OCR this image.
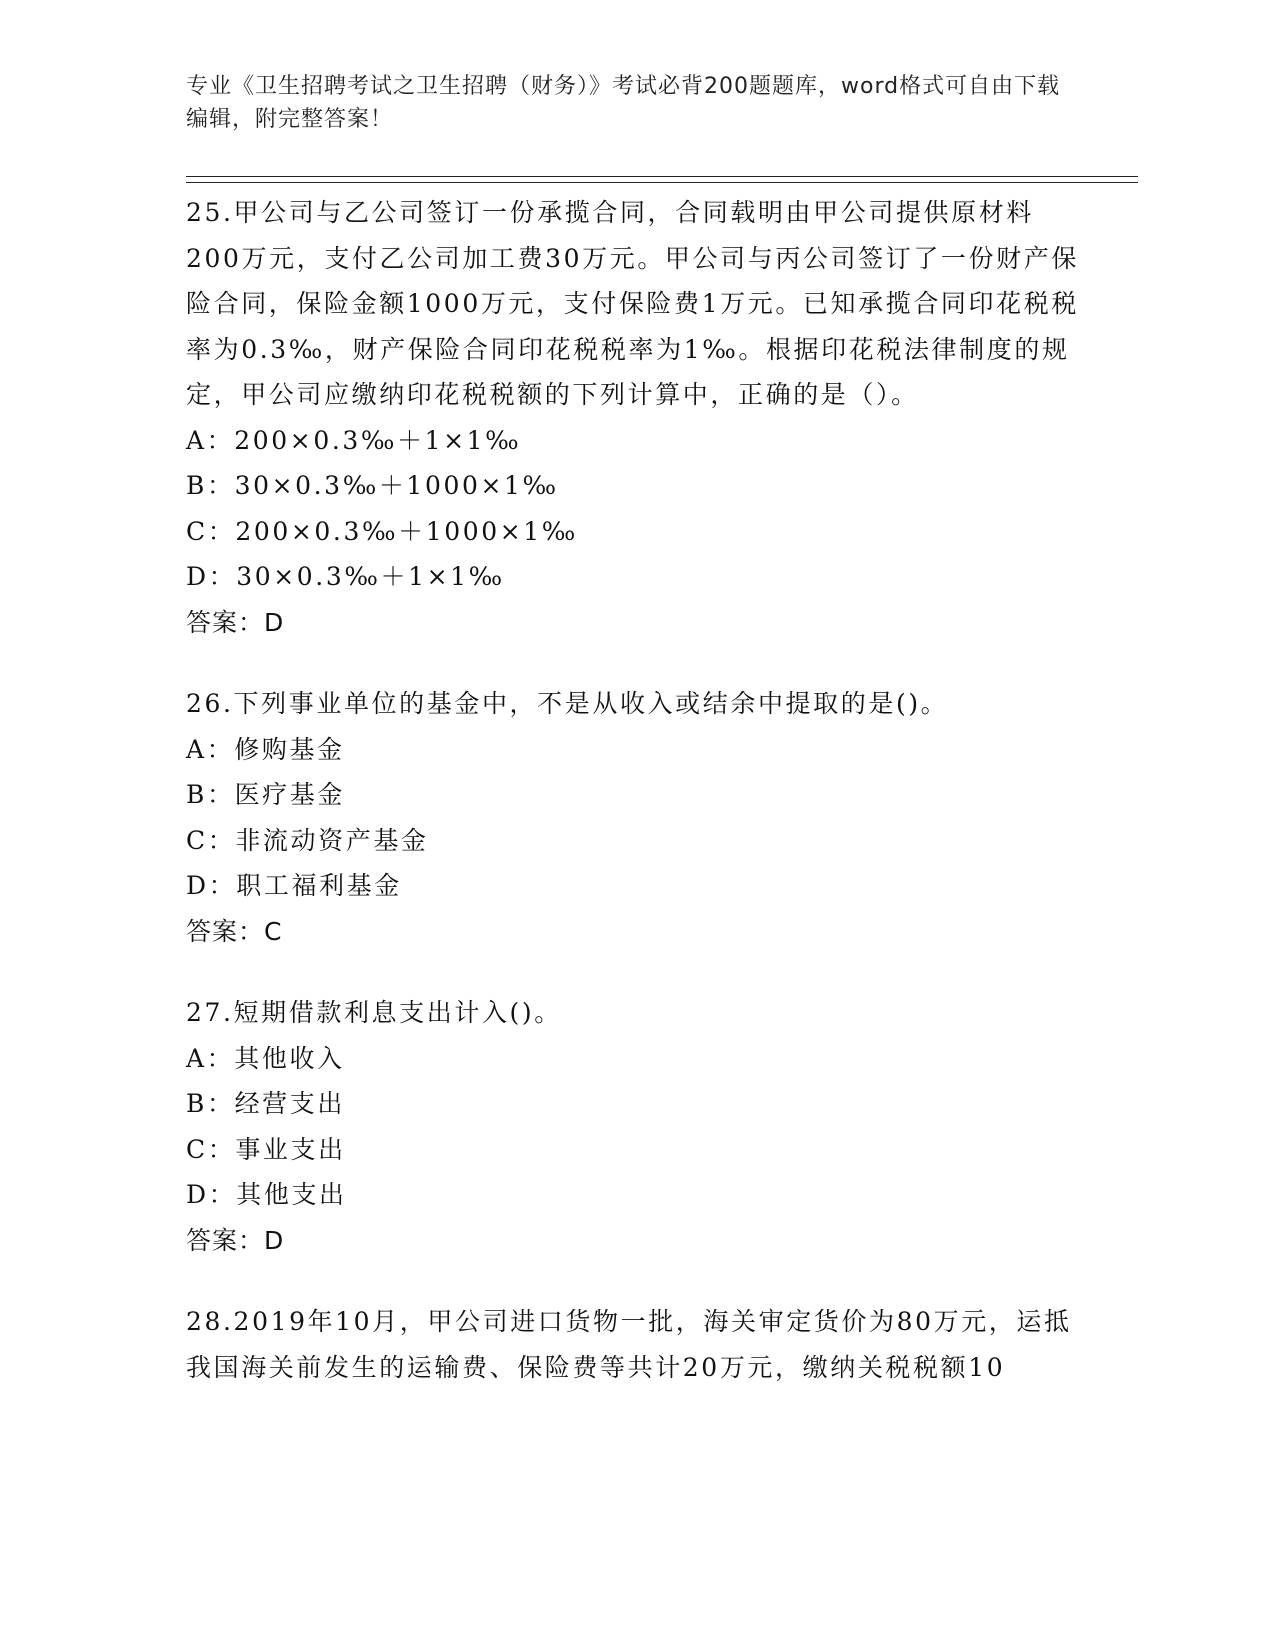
专业《卫生招聘考试之卫生招聘（财务）》考试必背200题题库，word格式可自由下载编辑，附完整答案！

25.甲公司与乙公司签订一份承揽合同，合同载明由甲公司提供原材料200万元，支付乙公司加工费30万元。甲公司与丙公司签订了一份财产保险合同，保险金额1000万元，支付保险费1万元。已知承揽合同印花税税率为0.3‰，财产保险合同印花税税率为1‰。根据印花税法律制度的规定，甲公司应缴纳印花税税额的下列计算中，正确的是（）。

A：200×0.3‰＋1×1‰

B：30×0.3‰＋1000×1‰

C：200×0.3‰＋1000×1‰

D：30×0.3‰＋1×1‰

答案：D

26.下列事业单位的基金中，不是从收入或结余中提取的是()。

A：修购基金

B：医疗基金

C：非流动资产基金

D：职工福利基金

答案：C

27.短期借款利息支出计入()。

A：其他收入

B：经营支出

C：事业支出

D：其他支出

答案：D

28.2019年10月，甲公司进口货物一批，海关审定货价为80万元，运抵我国海关前发生的运输费、保险费等共计20万元，缴纳关税税额10
